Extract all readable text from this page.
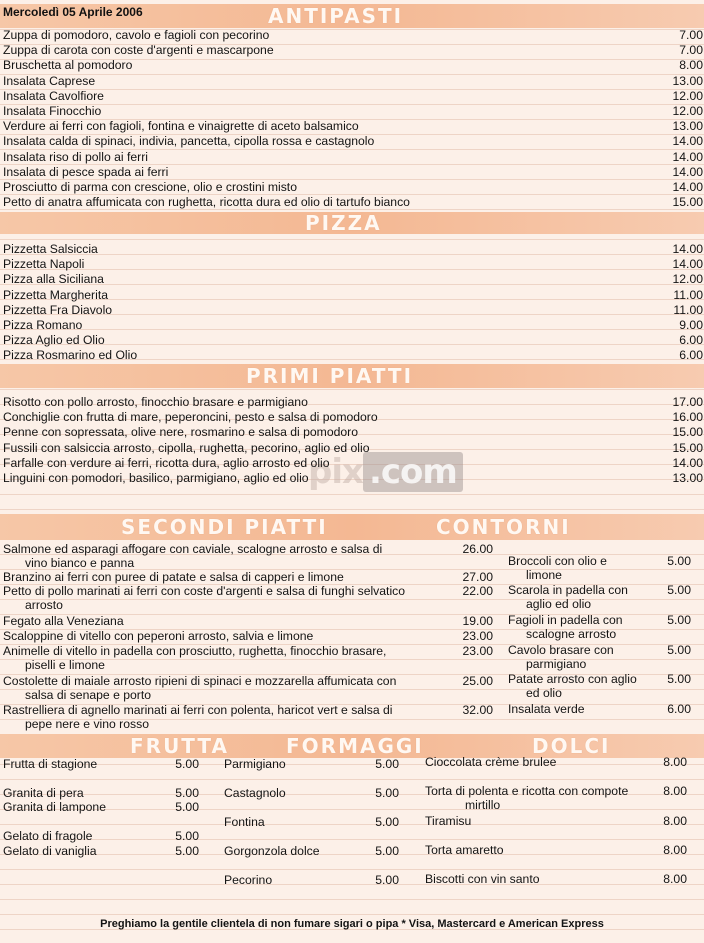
pix .com
Mercoledì 05 Aprile 2006	ANTIPASTI
Zuppa di pomodoro, cavolo e fagioli con pecorino	7.00
Zuppa di carota con coste d'argenti e mascarpone	7.00
Bruschetta al pomodoro	8.00
Insalata Caprese	13.00
Insalata Cavolfiore	12.00
Insalata Finocchio	12.00
Verdure ai ferri con fagioli, fontina e vinaigrette di aceto balsamico	13.00
Insalata calda di spinaci, indivia, pancetta, cipolla rossa e castagnolo	14.00
Insalata riso di pollo ai ferri	14.00
Insalata di pesce spada ai ferri	14.00
Prosciutto di parma con crescione, olio e crostini misto	14.00
Petto di anatra affumicata con rughetta, ricotta dura ed olio di tartufo bianco	15.00
PIZZA
Pizzetta Salsiccia	14.00
Pizzetta Napoli	14.00
Pizza alla Siciliana	12.00
Pizzetta Margherita	11.00
Pizzetta Fra Diavolo	11.00
Pizza Romano	9.00
Pizza Aglio ed Olio	6.00
Pizza Rosmarino ed Olio	6.00
PRIMI PIATTI
Risotto con pollo arrosto, finocchio brasare e parmigiano	17.00
Conchiglie con frutta di mare, peperoncini, pesto e salsa di pomodoro	16.00
Penne con sopressata, olive nere, rosmarino e salsa di pomodoro	15.00
Fussili con salsiccia arrosto, cipolla, rughetta, pecorino, aglio ed olio	15.00
Farfalle con verdure ai ferri, ricotta dura, aglio arrosto ed olio	14.00
Linguini con pomodori, basilico, parmigiano, aglio ed olio	13.00
SECONDI PIATTI	CONTORNI
Salmone ed asparagi affogare con caviale, scalogne arrosto e salsa di
vino bianco e panna
26.00
Branzino ai ferri con puree di patate e salsa di capperi e limone	27.00
Petto di pollo marinati ai ferri con coste d'argenti e salsa di funghi selvatico
arrosto
22.00
Fegato alla Veneziana	19.00
Scaloppine di vitello con peperoni arrosto, salvia e limone	23.00
Animelle di vitello in padella con prosciutto, rughetta, finocchio brasare,
piselli e limone
23.00
Costolette di maiale arrosto ripieni di spinaci e mozzarella affumicata con
salsa di senape e porto
25.00
Rastrelliera di agnello marinati ai ferri con polenta, haricot vert e salsa di
pepe nere e vino rosso
32.00
Broccoli con olio e
limone
5.00
Scarola in padella con
aglio ed olio
5.00
Fagioli in padella con
scalogne arrosto
5.00
Cavolo brasare con
parmigiano
5.00
Patate arrosto con aglio
ed olio
5.00
Insalata verde	6.00
FRUTTA	FORMAGGI	DOLCI
Frutta di stagione	5.00
Granita di pera	5.00
Granita di lampone	5.00
Gelato di fragole	5.00
Gelato di vaniglia	5.00
Parmigiano	5.00
Castagnolo	5.00
Fontina	5.00
Gorgonzola dolce	5.00
Pecorino	5.00
Cioccolata crème brulee	8.00
Torta di polenta e ricotta con compote
mirtillo
8.00
Tiramisu	8.00
Torta amaretto	8.00
Biscotti con vin santo	8.00
Preghiamo la gentile clientela di non fumare sigari o pipa * Visa, Mastercard e American Express
